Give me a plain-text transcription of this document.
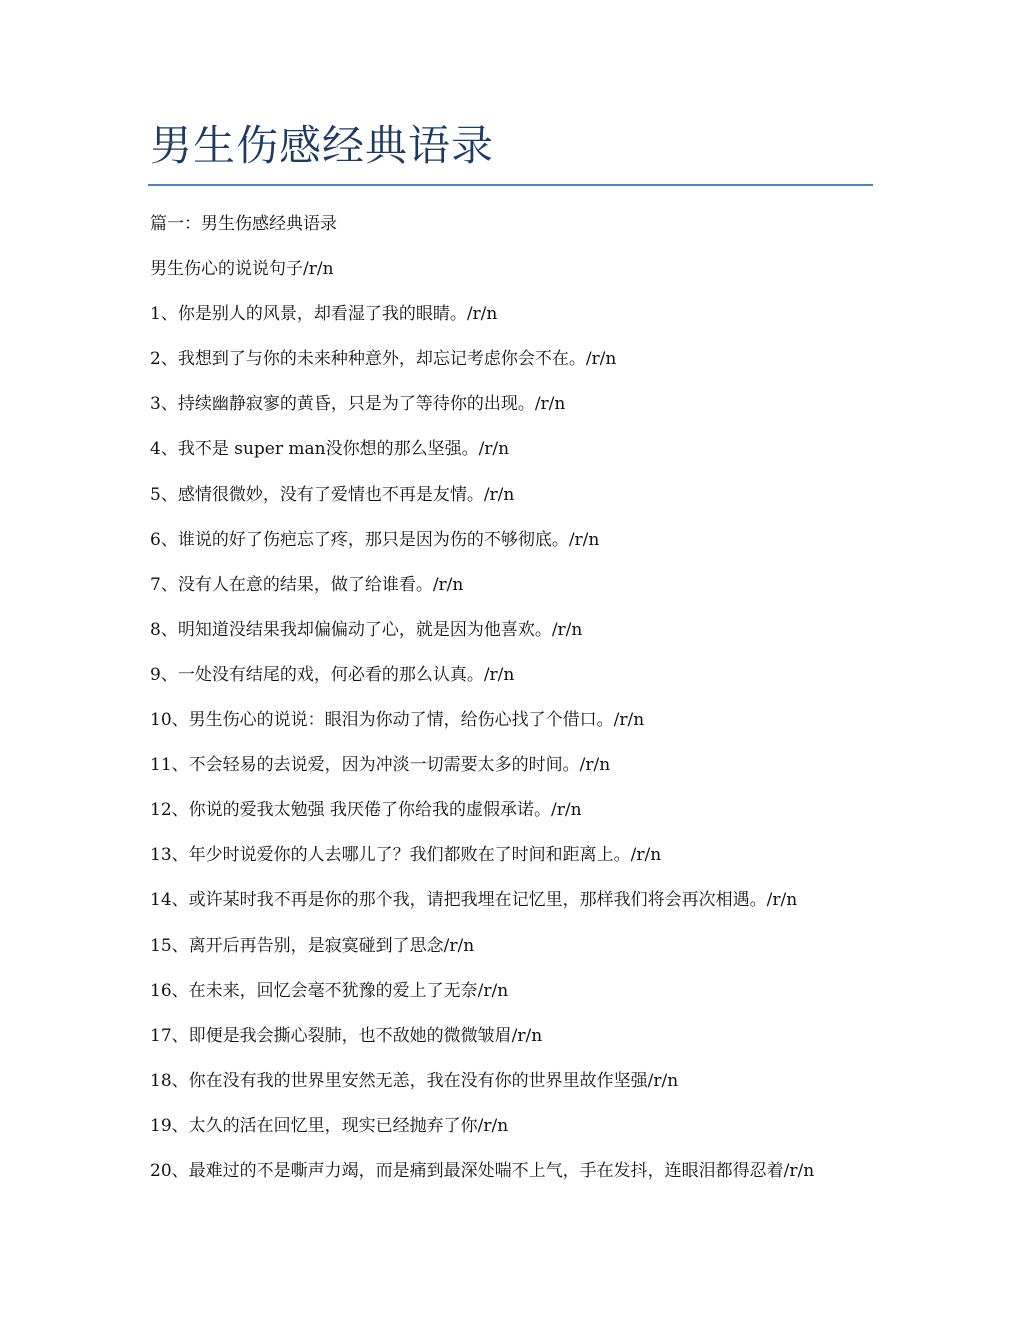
男生伤感经典语录
篇一：男生伤感经典语录
男生伤心的说说句子/r/n
1、你是别人的风景，却看湿了我的眼睛。/r/n
2、我想到了与你的未来种种意外，却忘记考虑你会不在。/r/n
3、持续幽静寂寥的黄昏，只是为了等待你的出现。/r/n
4、我不是 super man没你想的那么坚强。/r/n
5、感情很微妙，没有了爱情也不再是友情。/r/n
6、谁说的好了伤疤忘了疼，那只是因为伤的不够彻底。/r/n
7、没有人在意的结果，做了给谁看。/r/n
8、明知道没结果我却偏偏动了心，就是因为他喜欢。/r/n
9、一处没有结尾的戏，何必看的那么认真。/r/n
10、男生伤心的说说：眼泪为你动了情，给伤心找了个借口。/r/n
11、不会轻易的去说爱，因为冲淡一切需要太多的时间。/r/n
12、你说的爱我太勉强 我厌倦了你给我的虚假承诺。/r/n
13、年少时说爱你的人去哪儿了？我们都败在了时间和距离上。/r/n
14、或许某时我不再是你的那个我，请把我埋在记忆里，那样我们将会再次相遇。/r/n
15、离开后再告别，是寂寞碰到了思念/r/n
16、在未来，回忆会毫不犹豫的爱上了无奈/r/n
17、即便是我会撕心裂肺，也不敌她的微微皱眉/r/n
18、你在没有我的世界里安然无恙，我在没有你的世界里故作坚强/r/n
19、太久的活在回忆里，现实已经抛弃了你/r/n
20、最难过的不是嘶声力竭，而是痛到最深处喘不上气，手在发抖，连眼泪都得忍着/r/n
